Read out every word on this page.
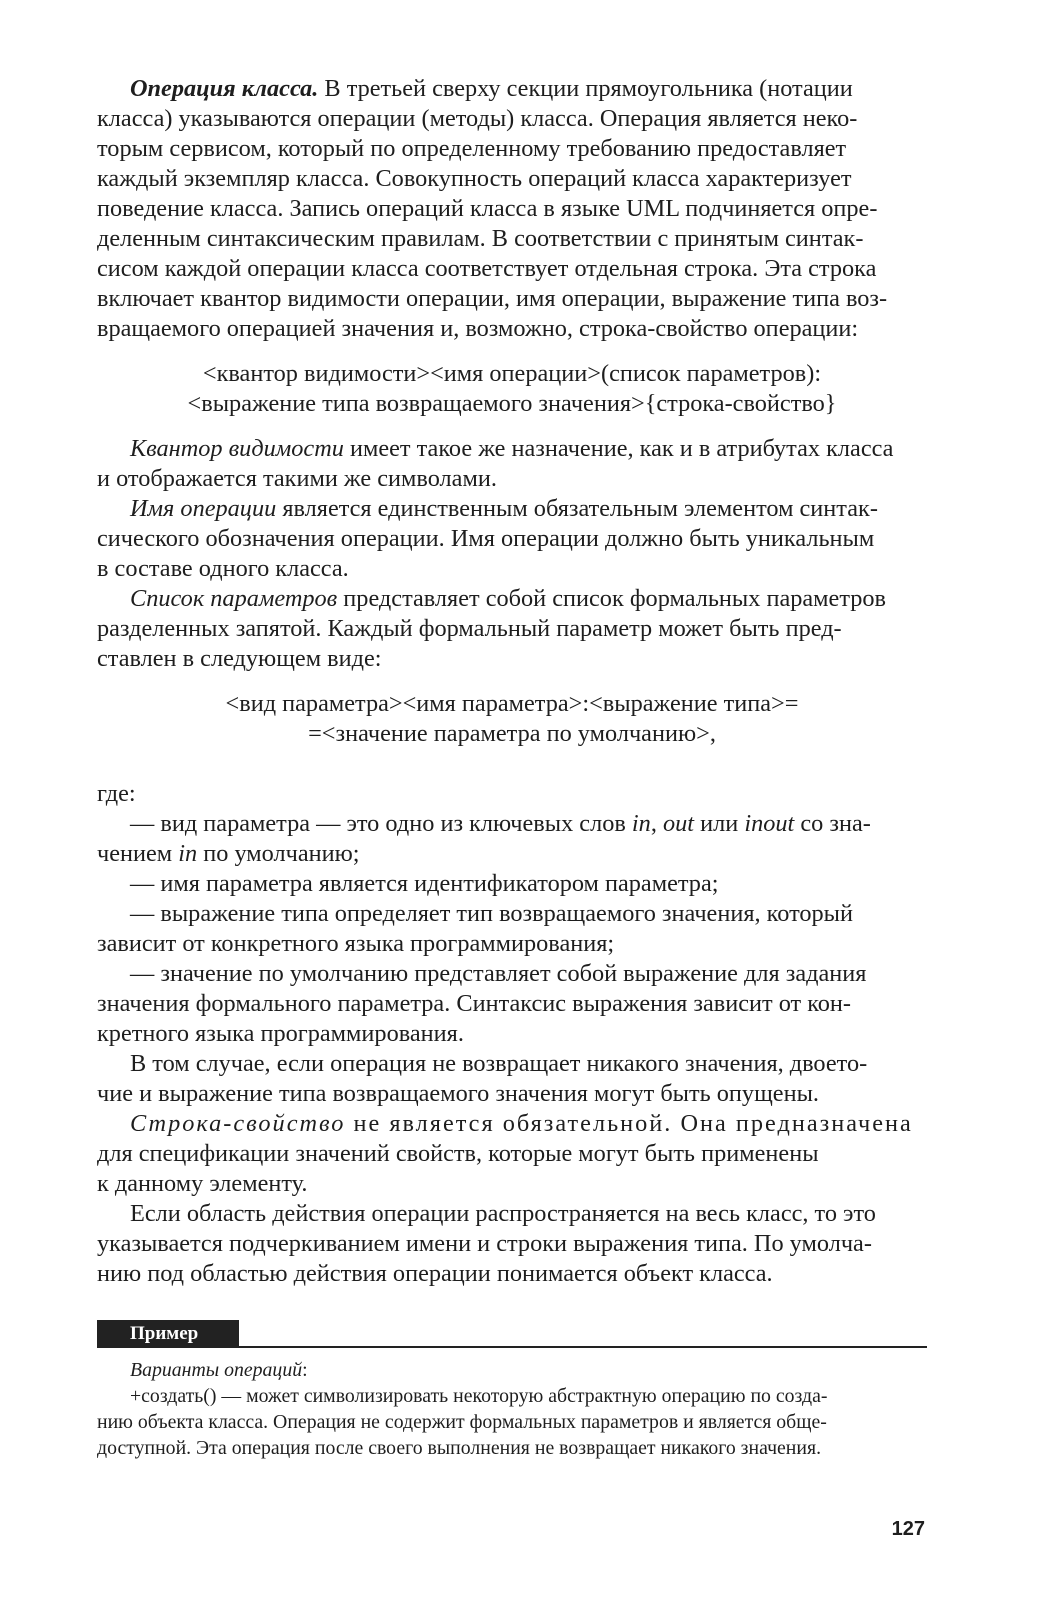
Операция класса. В третьей сверху секции прямоугольника (нотации
класса) указываются операции (методы) класса. Операция является неко-
торым сервисом, который по определенному требованию предоставляет
каждый экземпляр класса. Совокупность операций класса характеризует
поведение класса. Запись операций класса в языке UML подчиняется опре-
деленным синтаксическим правилам. В соответствии с принятым синтак-
сисом каждой операции класса соответствует отдельная строка. Эта строка
включает квантор видимости операции, имя операции, выражение типа воз-
вращаемого операцией значения и, возможно, строка-свойство операции:

<квантор видимости><имя операции>(список параметров):
<выражение типа возвращаемого значения>{строка-свойство}

Квантор видимости имеет такое же назначение, как и в атрибутах класса
и отображается такими же символами.

Имя операции является единственным обязательным элементом синтак-
сического обозначения операции. Имя операции должно быть уникальным
в составе одного класса.

Список параметров представляет собой список формальных параметров
разделенных запятой. Каждый формальный параметр может быть пред-
ставлен в следующем виде:

<вид параметра><имя параметра>:<выражение типа>=
=<значение параметра по умолчанию>,

где:

— вид параметра — это одно из ключевых слов in, out или inout со зна-
чением in по умолчанию;

— имя параметра является идентификатором параметра;

— выражение типа определяет тип возвращаемого значения, который
зависит от конкретного языка программирования;

— значение по умолчанию представляет собой выражение для задания
значения формального параметра. Синтаксис выражения зависит от кон-
кретного языка программирования.

В том случае, если операция не возвращает никакого значения, двоето-
чие и выражение типа возвращаемого значения могут быть опущены.

Строка-свойство не является обязательной. Она предназначена
для спецификации значений свойств, которые могут быть применены
к данному элементу.

Если область действия операции распространяется на весь класс, то это
указывается подчеркиванием имени и строки выражения типа. По умолча-
нию под областью действия операции понимается объект класса.

Пример

Варианты операций:

+создать() — может символизировать некоторую абстрактную операцию по созда-
нию объекта класса. Операция не содержит формальных параметров и является обще-
доступной. Эта операция после своего выполнения не возвращает никакого значения.

127
